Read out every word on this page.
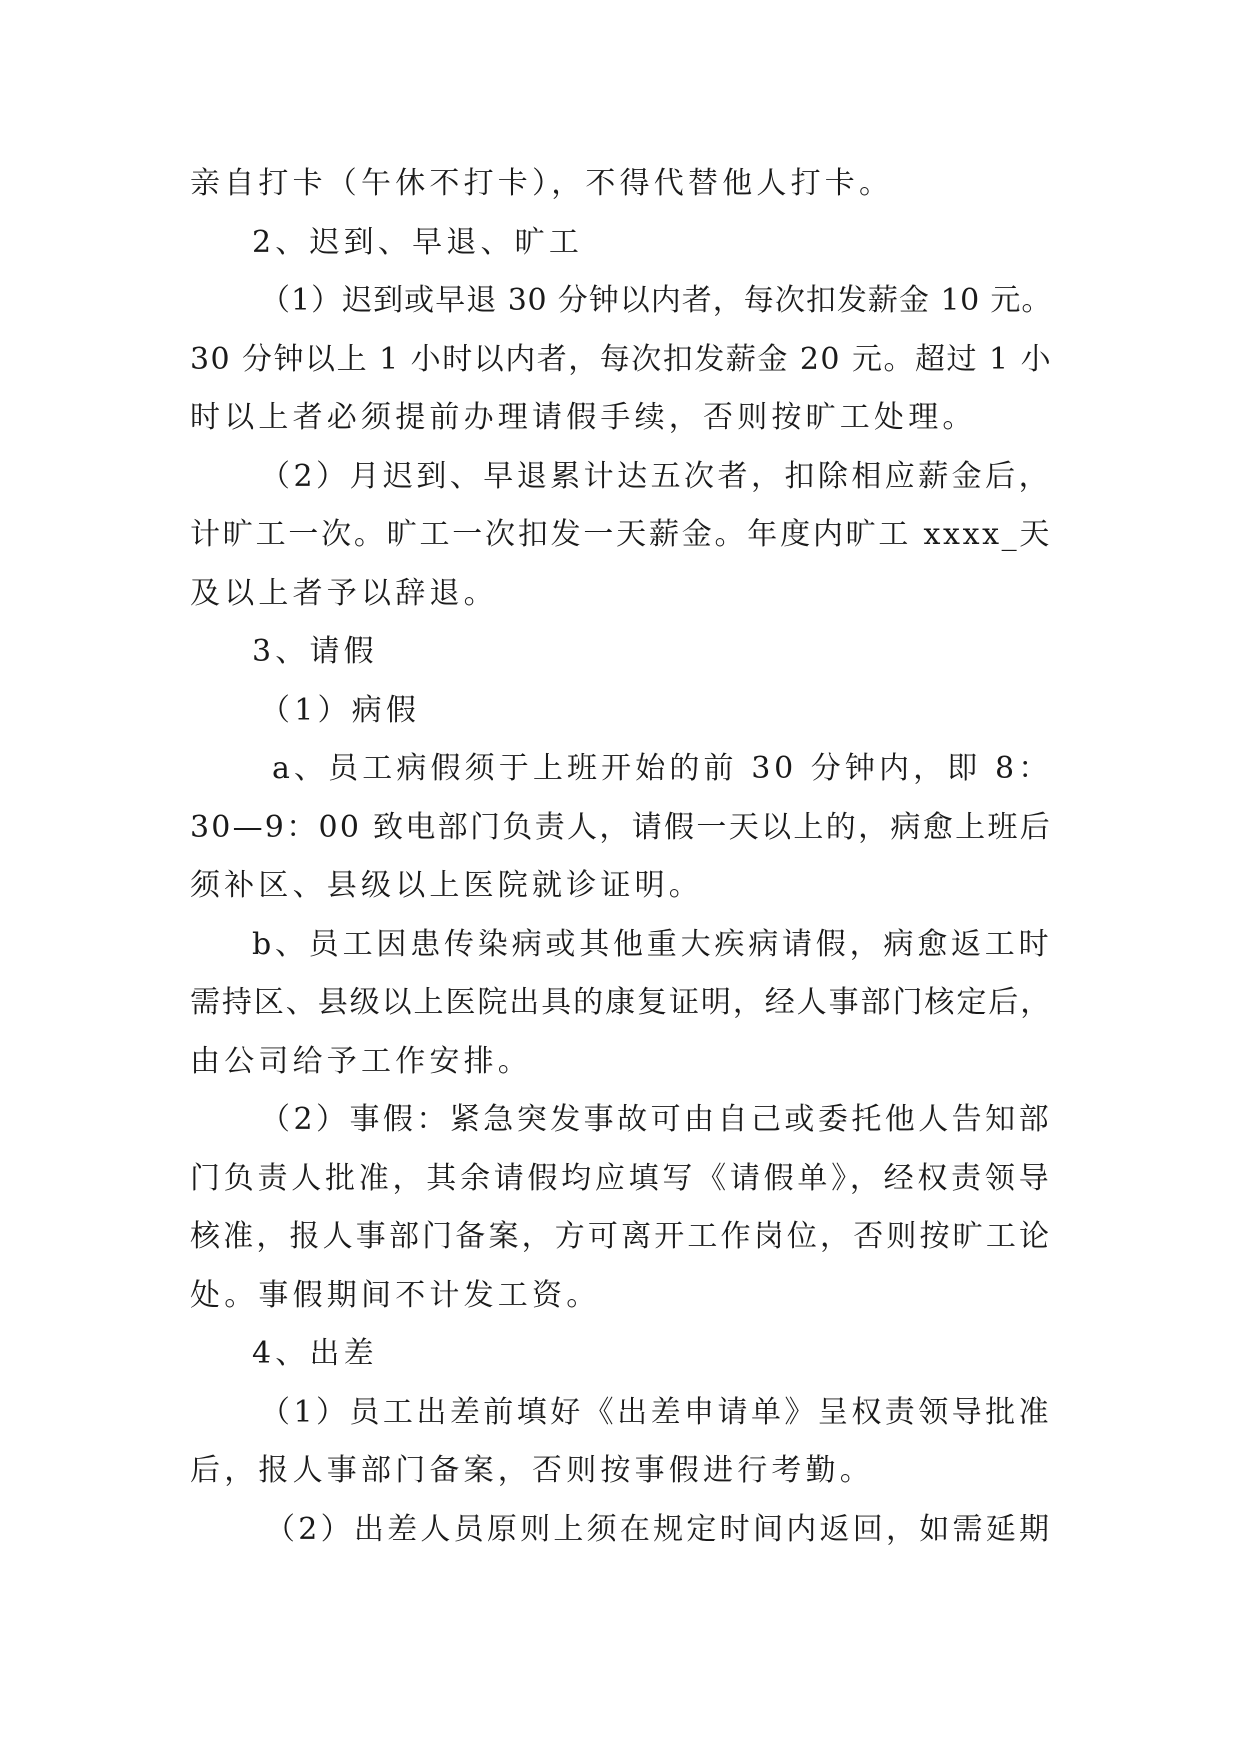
亲自打卡（午休不打卡），不得代替他人打卡。
2、迟到、早退、旷工
（1）迟到或早退 30 分钟以内者，每次扣发薪金 10 元。
30 分钟以上 1 小时以内者，每次扣发薪金 20 元。超过 1 小
时以上者必须提前办理请假手续，否则按旷工处理。
（2）月迟到、早退累计达五次者，扣除相应薪金后，
计旷工一次。旷工一次扣发一天薪金。年度内旷工 xxxx_天
及以上者予以辞退。
3、请假
（1）病假
a、员工病假须于上班开始的前 30 分钟内，即 8：
30—9：00 致电部门负责人，请假一天以上的，病愈上班后
须补区、县级以上医院就诊证明。
b、员工因患传染病或其他重大疾病请假，病愈返工时
需持区、县级以上医院出具的康复证明，经人事部门核定后，
由公司给予工作安排。
（2）事假：紧急突发事故可由自己或委托他人告知部
门负责人批准，其余请假均应填写《请假单》，经权责领导
核准，报人事部门备案，方可离开工作岗位，否则按旷工论
处。事假期间不计发工资。
4、出差
（1）员工出差前填好《出差申请单》呈权责领导批准
后，报人事部门备案，否则按事假进行考勤。
（2）出差人员原则上须在规定时间内返回，如需延期
